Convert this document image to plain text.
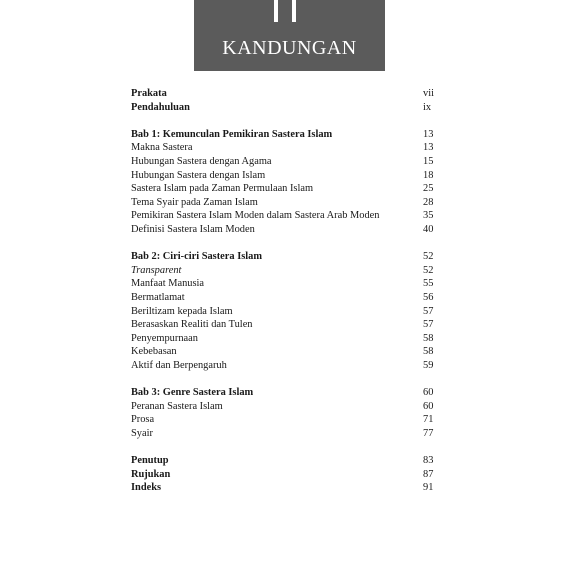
KANDUNGAN
Prakata	vii
Pendahuluan	ix
Bab 1: Kemunculan Pemikiran Sastera Islam	13
Makna Sastera	13
Hubungan Sastera dengan Agama	15
Hubungan Sastera dengan Islam	18
Sastera Islam pada Zaman Permulaan Islam	25
Tema Syair pada Zaman Islam	28
Pemikiran Sastera Islam Moden dalam Sastera Arab Moden	35
Definisi Sastera Islam Moden	40
Bab 2: Ciri-ciri Sastera Islam	52
Transparent	52
Manfaat Manusia	55
Bermatlamat	56
Beriltizam kepada Islam	57
Berasaskan Realiti dan Tulen	57
Penyempurnaan	58
Kebebasan	58
Aktif dan Berpengaruh	59
Bab 3: Genre Sastera Islam	60
Peranan Sastera Islam	60
Prosa	71
Syair	77
Penutup	83
Rujukan	87
Indeks	91
